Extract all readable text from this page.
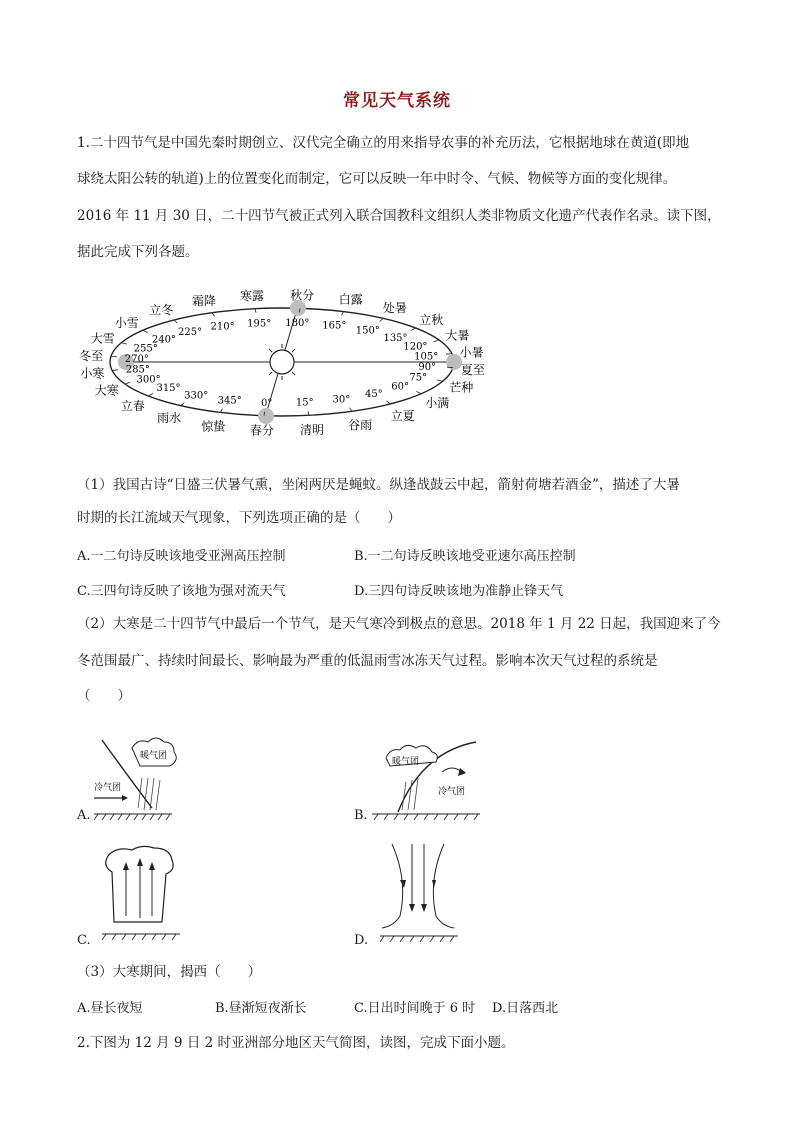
常见天气系统
1.二十四节气是中国先秦时期创立、汉代完全确立的用来指导农事的补充历法，它根据地球在黄道(即地
球绕太阳公转的轨道)上的位置变化而制定，它可以反映一年中时令、气候、物候等方面的变化规律。
2016 年 11 月 30 日，二十四节气被正式列入联合国教科文组织人类非物质文化遗产代表作名录。读下图，
据此完成下列各题。
秋分
180°
白露
165°
处暑
150°
立秋
135°	大暑
120°	小暑
105°
夏至
90°
芒种
75°
小满
60°
立夏
45°
谷雨
30°
清明
15°
春分
0°
惊蛰
345°
雨水
330°
立春
315°
大寒
300°
小寒 285°
冬至 270°
大雪
255°
小雪
240°
立冬
225°
霜降
210°
寒露
195°
（1）我国古诗“日盛三伏暑气熏，坐闲两厌是蝇蚊。纵逢战鼓云中起，箭射荷塘若酒金”，描述了大暑
时期的长江流域天气现象，下列选项正确的是（　　）
A.一二句诗反映该地受亚洲高压控制	B.一二句诗反映该地受亚速尔高压控制
C.三四句诗反映了该地为强对流天气	D.三四句诗反映该地为准静止锋天气
（2）大寒是二十四节气中最后一个节气，是天气寒冷到极点的意思。2018 年 1 月 22 日起，我国迎来了今
冬范围最广、持续时间最长、影响最为严重的低温雨雪冰冻天气过程。影响本次天气过程的系统是
（　　）
A.
暖气团
冷气团
B.
暖气团
冷气团
C.	D.
（3）大寒期间，揭西（　　）
A.昼长夜短	B.昼渐短夜渐长	C.日出时间晚于 6 时 D.日落西北
2.下图为 12 月 9 日 2 时亚洲部分地区天气简图，读图，完成下面小题。
